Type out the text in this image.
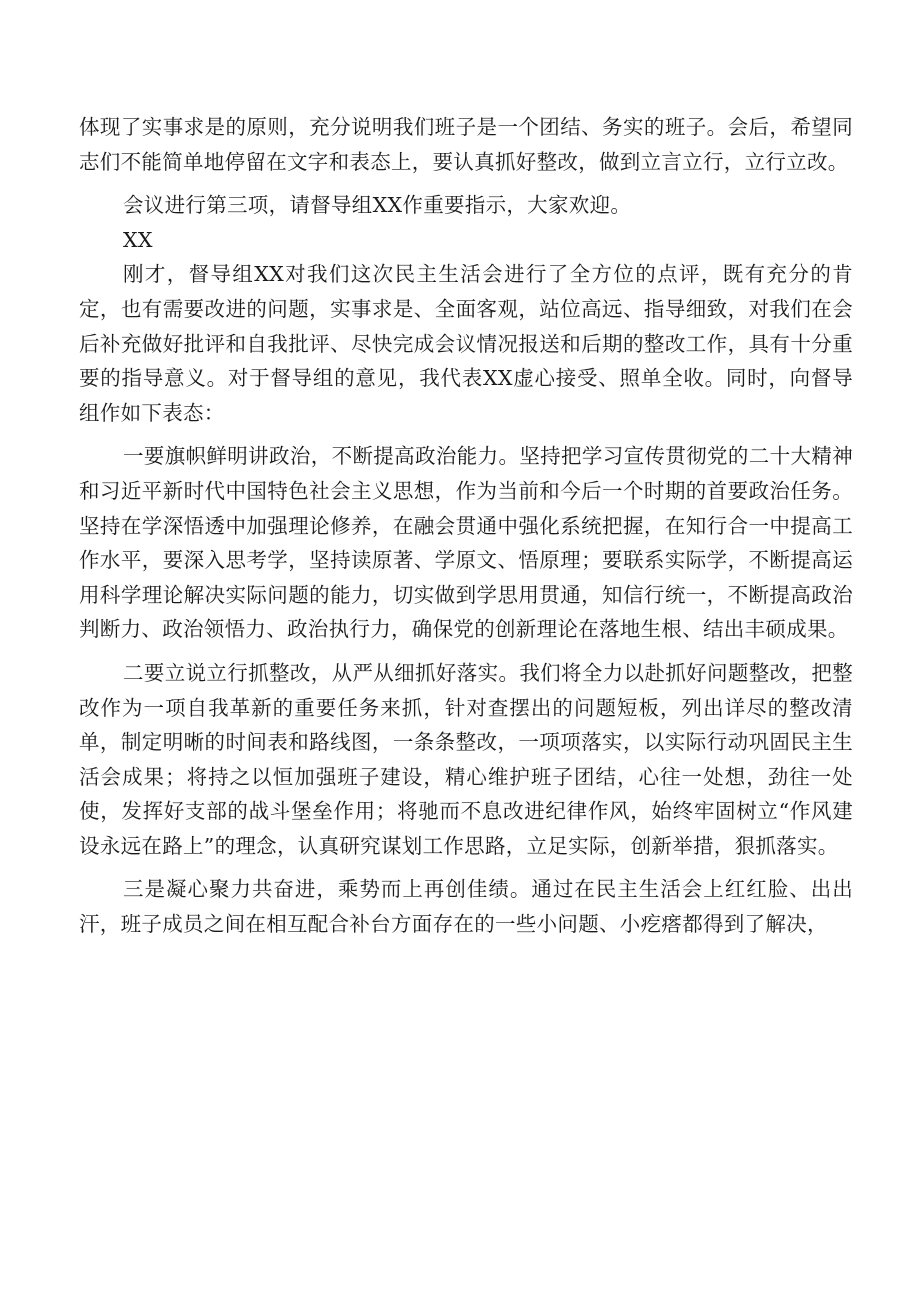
体现了实事求是的原则，充分说明我们班子是一个团结、务实的班子。会后，希望同志们不能简单地停留在文字和表态上，要认真抓好整改，做到立言立行，立行立改。

会议进行第三项，请督导组XX作重要指示，大家欢迎。

XX

刚才，督导组XX对我们这次民主生活会进行了全方位的点评，既有充分的肯定，也有需要改进的问题，实事求是、全面客观，站位高远、指导细致，对我们在会后补充做好批评和自我批评、尽快完成会议情况报送和后期的整改工作，具有十分重要的指导意义。对于督导组的意见，我代表XX虚心接受、照单全收。同时，向督导组作如下表态：

一要旗帜鲜明讲政治，不断提高政治能力。坚持把学习宣传贯彻党的二十大精神和习近平新时代中国特色社会主义思想，作为当前和今后一个时期的首要政治任务。坚持在学深悟透中加强理论修养，在融会贯通中强化系统把握，在知行合一中提高工作水平，要深入思考学，坚持读原著、学原文、悟原理；要联系实际学，不断提高运用科学理论解决实际问题的能力，切实做到学思用贯通，知信行统一，不断提高政治判断力、政治领悟力、政治执行力，确保党的创新理论在落地生根、结出丰硕成果。

二要立说立行抓整改，从严从细抓好落实。我们将全力以赴抓好问题整改，把整改作为一项自我革新的重要任务来抓，针对查摆出的问题短板，列出详尽的整改清单，制定明晰的时间表和路线图，一条条整改，一项项落实，以实际行动巩固民主生活会成果；将持之以恒加强班子建设，精心维护班子团结，心往一处想，劲往一处使，发挥好支部的战斗堡垒作用；将驰而不息改进纪律作风，始终牢固树立“作风建设永远在路上”的理念，认真研究谋划工作思路，立足实际，创新举措，狠抓落实。

三是凝心聚力共奋进，乘势而上再创佳绩。通过在民主生活会上红红脸、出出汗，班子成员之间在相互配合补台方面存在的一些小问题、小疙瘩都得到了解决，
